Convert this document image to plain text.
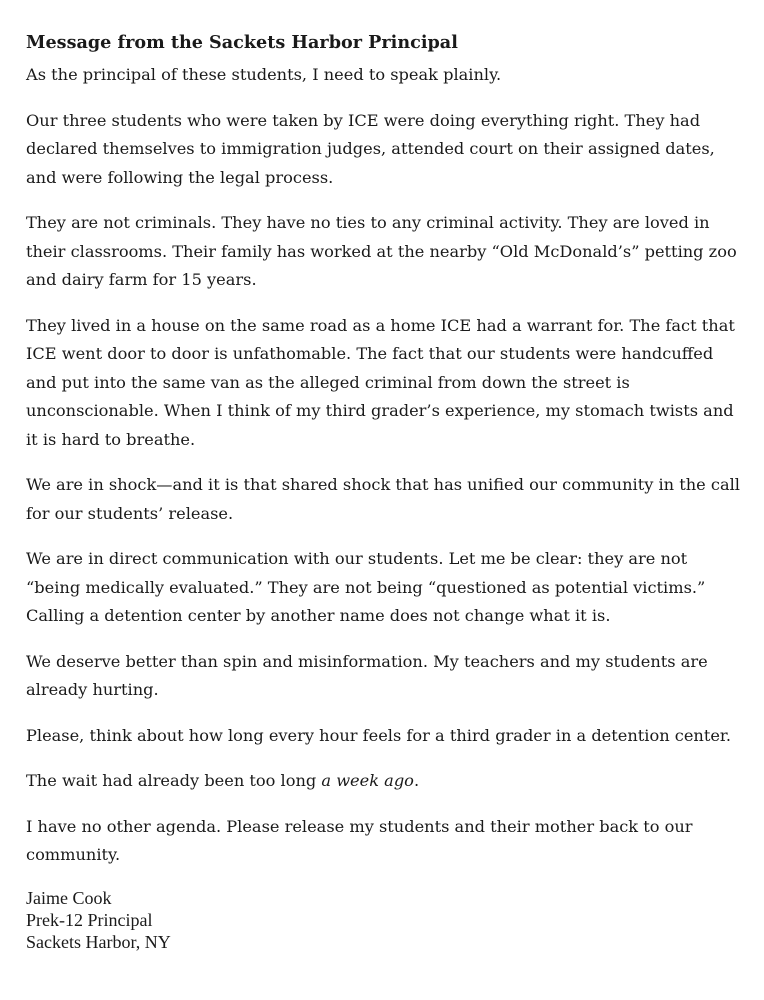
Message from the Sackets Harbor Principal
As the principal of these students, I need to speak plainly.
Our three students who were taken by ICE were doing everything right. They had
declared themselves to immigration judges, attended court on their assigned dates,
and were following the legal process.
They are not criminals. They have no ties to any criminal activity. They are loved in
their classrooms. Their family has worked at the nearby “Old McDonald’s” petting zoo
and dairy farm for 15 years.
They lived in a house on the same road as a home ICE had a warrant for. The fact that
ICE went door to door is unfathomable. The fact that our students were handcuffed
and put into the same van as the alleged criminal from down the street is
unconscionable. When I think of my third grader’s experience, my stomach twists and
it is hard to breathe.
We are in shock—and it is that shared shock that has unified our community in the call
for our students’ release.
We are in direct communication with our students. Let me be clear: they are not
“being medically evaluated.” They are not being “questioned as potential victims.”
Calling a detention center by another name does not change what it is.
We deserve better than spin and misinformation. My teachers and my students are
already hurting.
Please, think about how long every hour feels for a third grader in a detention center.
The wait had already been too long a week ago.
I have no other agenda. Please release my students and their mother back to our
community.
Jaime Cook
Prek-12 Principal
Sackets Harbor, NY
